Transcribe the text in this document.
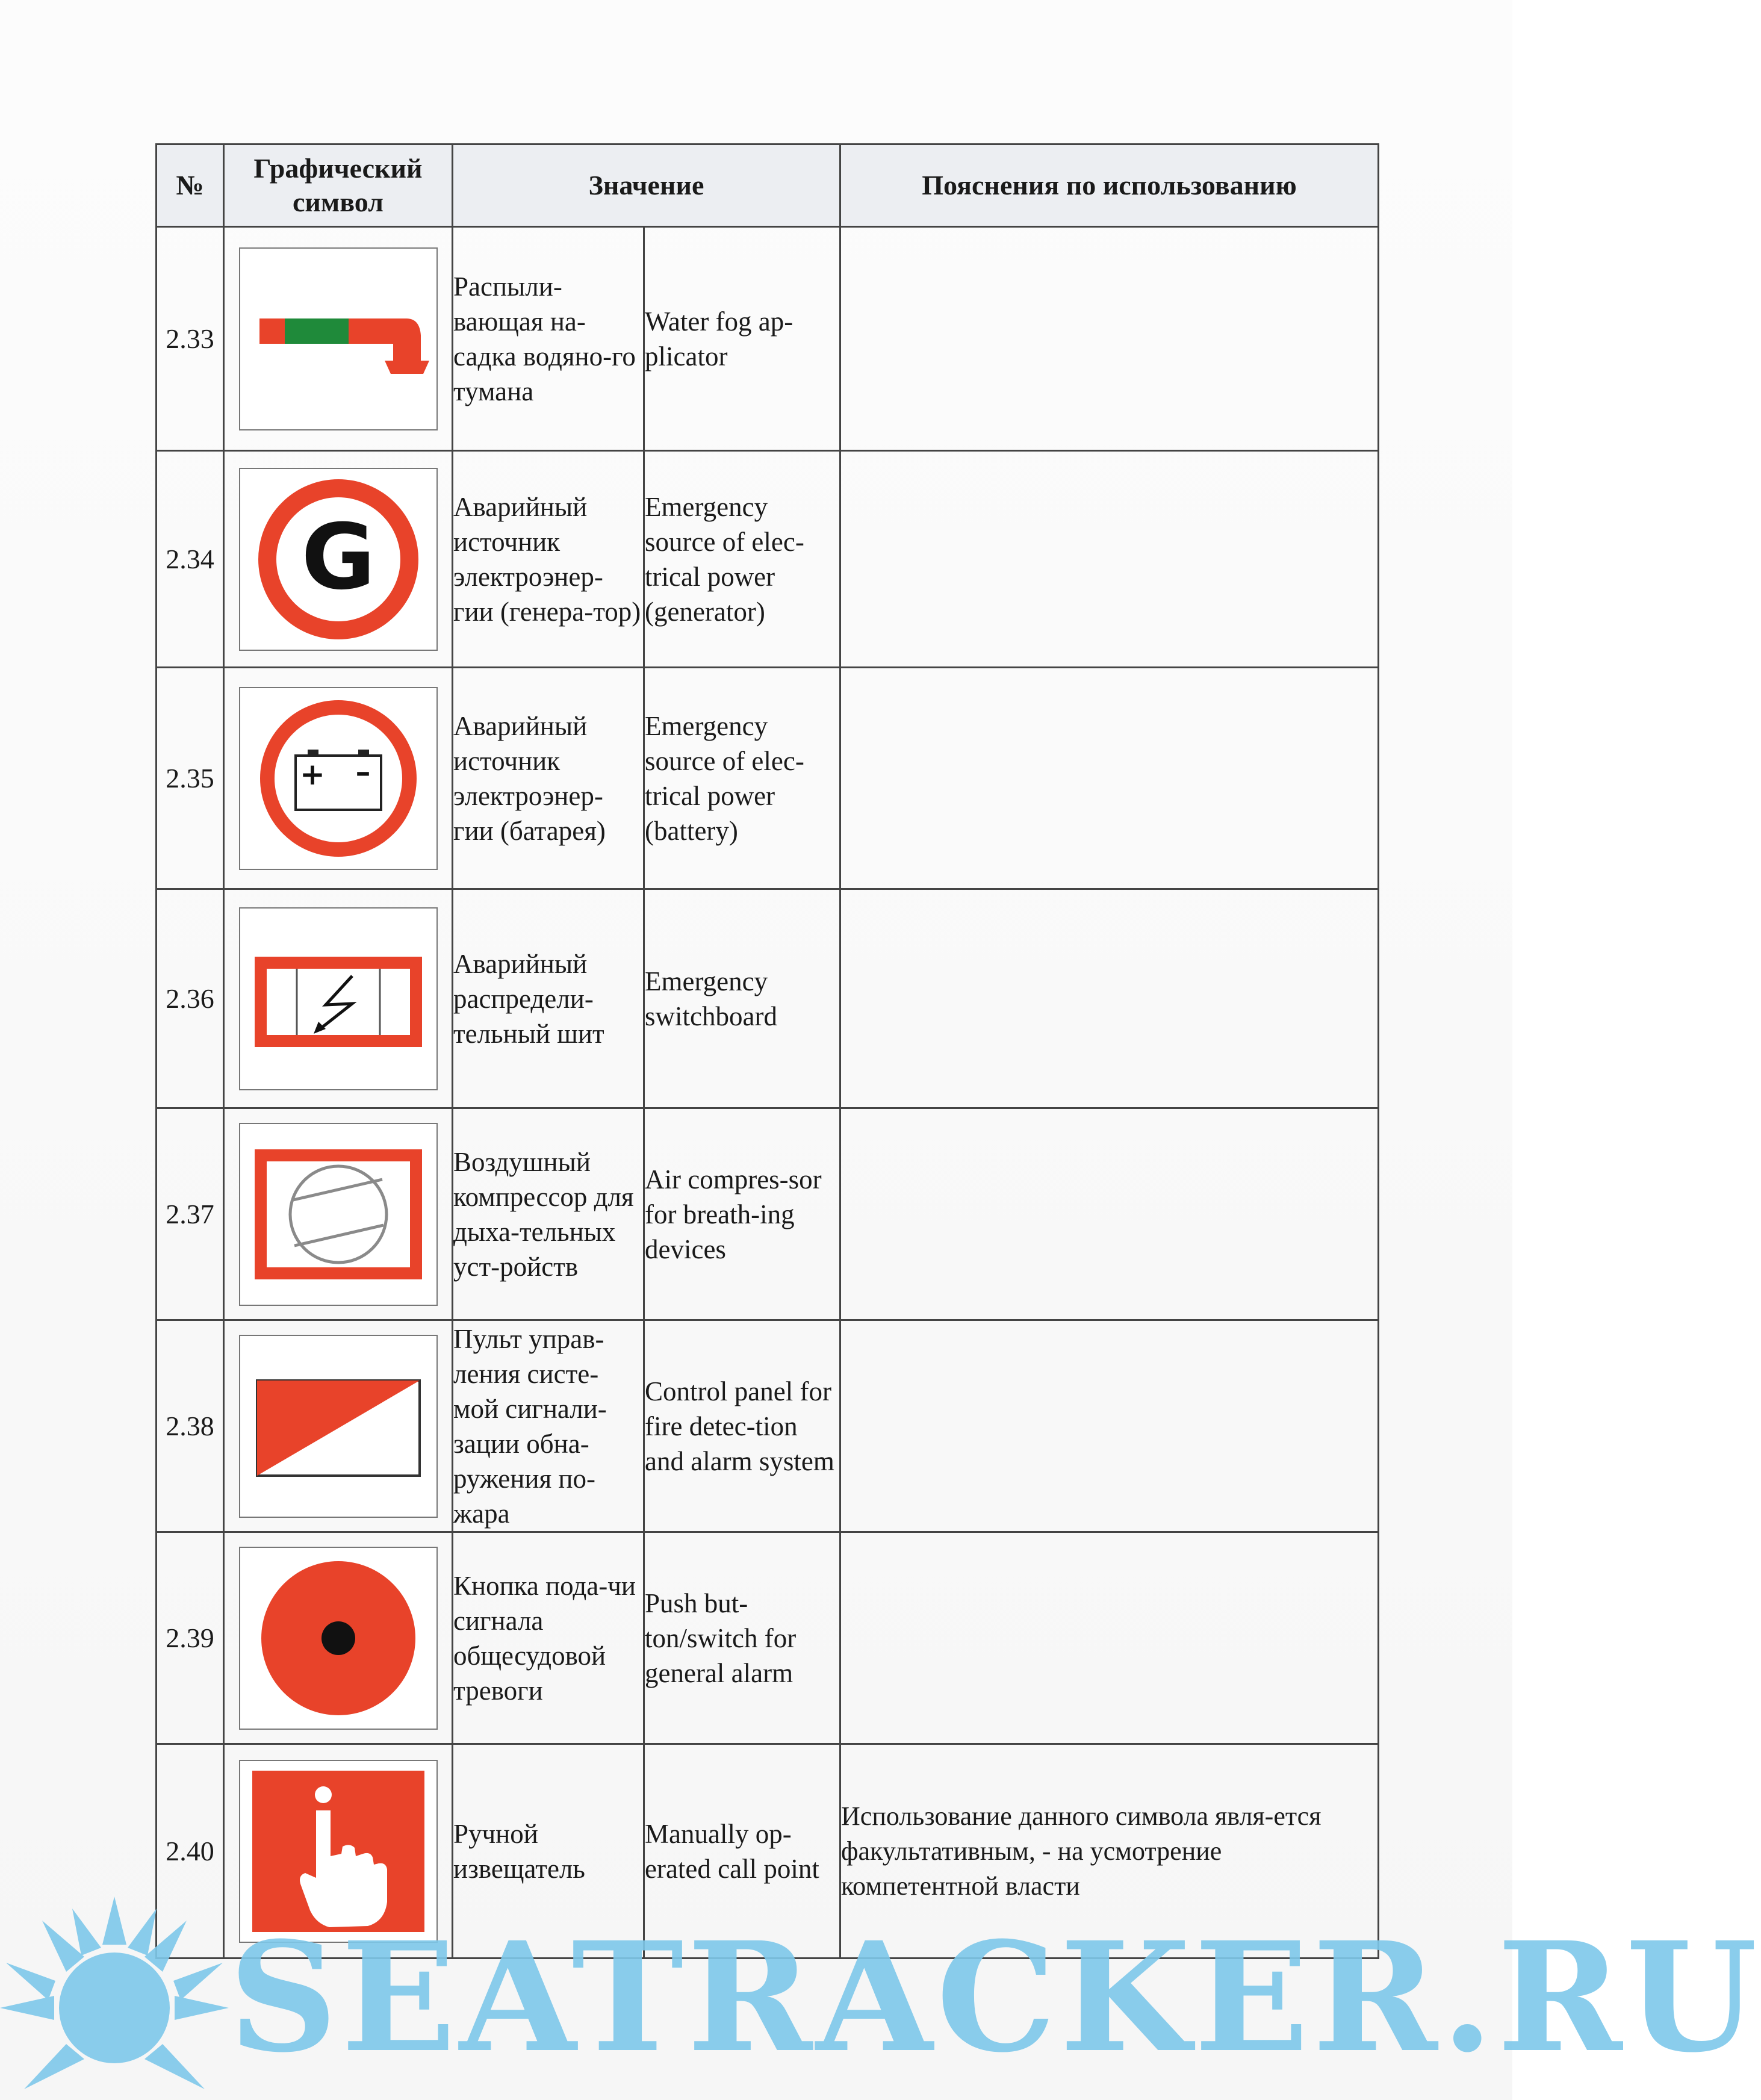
№	Графический символ	Значение		Пояснения по использованию
2.33		Распыли-вающая на-садка водяно-го тумана	Water fog ap-plicator	
2.34	G	Аварийный источник электроэнер-гии (генера-тор)	Emergency source of elec-trical power (generator)	
2.35	+ –	Аварийный источник электроэнер-гии (батарея)	Emergency source of elec-trical power (battery)	
2.36		Аварийный распредели-тельный шит	Emergency switchboard	
2.37		Воздушный компрессор для дыха-тельных уст-ройств	Air compres-sor for breath-ing devices	
2.38		Пульт управ-ления систе-мой сигнали-зации обна-ружения по-жара	Control panel for fire detec-tion and alarm system	
2.39		Кнопка пода-чи сигнала общесудовой тревоги	Push but-ton/switch for general alarm	
2.40		Ручной извещатель	Manually op-erated call point	Использование данного символа явля-ется факультативным, - на усмотрение компетентной власти
SEATRACKER.RU
